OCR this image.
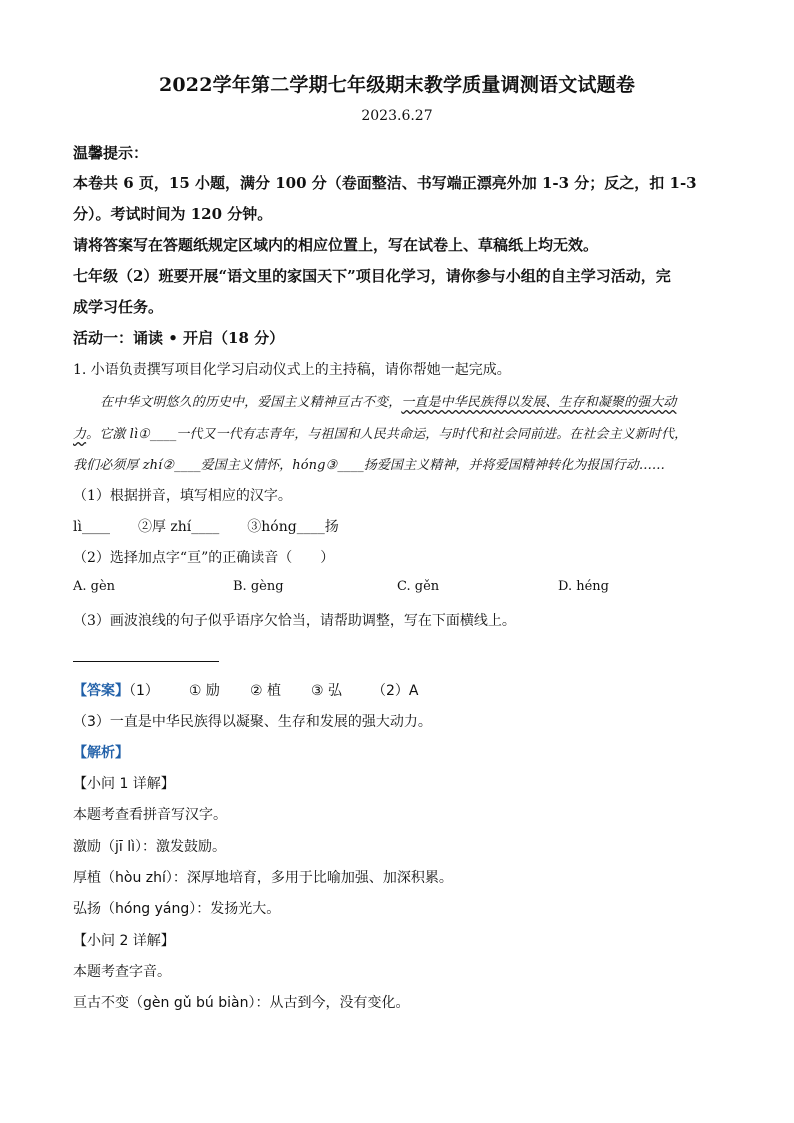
2022学年第二学期七年级期末教学质量调测语文试题卷
2023.6.27
温馨提示：
本卷共 6 页，15 小题，满分 100 分（卷面整洁、书写端正漂亮外加 1-3 分；反之，扣 1-3
分）。考试时间为 120 分钟。
请将答案写在答题纸规定区域内的相应位置上，写在试卷上、草稿纸上均无效。
七年级（2）班要开展“语文里的家国天下”项目化学习，请你参与小组的自主学习活动，完
成学习任务。
活动一：诵读 • 开启（18 分）
1. 小语负责撰写项目化学习启动仪式上的主持稿，请你帮她一起完成。
在中华文明悠久的历史中，爱国主义精神亘古不变，一直是中华民族得以发展、生存和凝聚的强大动
力。它激 lì①____一代又一代有志青年，与祖国和人民共命运，与时代和社会同前进。在社会主义新时代，
我们必须厚 zhí②____爱国主义情怀，hóng③____扬爱国主义精神，并将爱国精神转化为报国行动……
（1）根据拼音，填写相应的汉字。
lì____　　②厚 zhí____　　③hóng____扬
（2）选择加点字“亘”的正确读音（　　）
A. gèn	B. gèng	C. gěn	D. héng
（3）画波浪线的句子似乎语序欠恰当，请帮助调整，写在下面横线上。
【答案】（1） ① 励 ② 植 ③ 弘 （2）A
（3）一直是中华民族得以凝聚、生存和发展的强大动力。
【解析】
【小问 1 详解】
本题考查看拼音写汉字。
激励（jī lì）：激发鼓励。
厚植（hòu zhí）：深厚地培育，多用于比喻加强、加深积累。
弘扬（hóng yáng）：发扬光大。
【小问 2 详解】
本题考查字音。
亘古不变（gèn gǔ bú biàn）：从古到今，没有变化。
